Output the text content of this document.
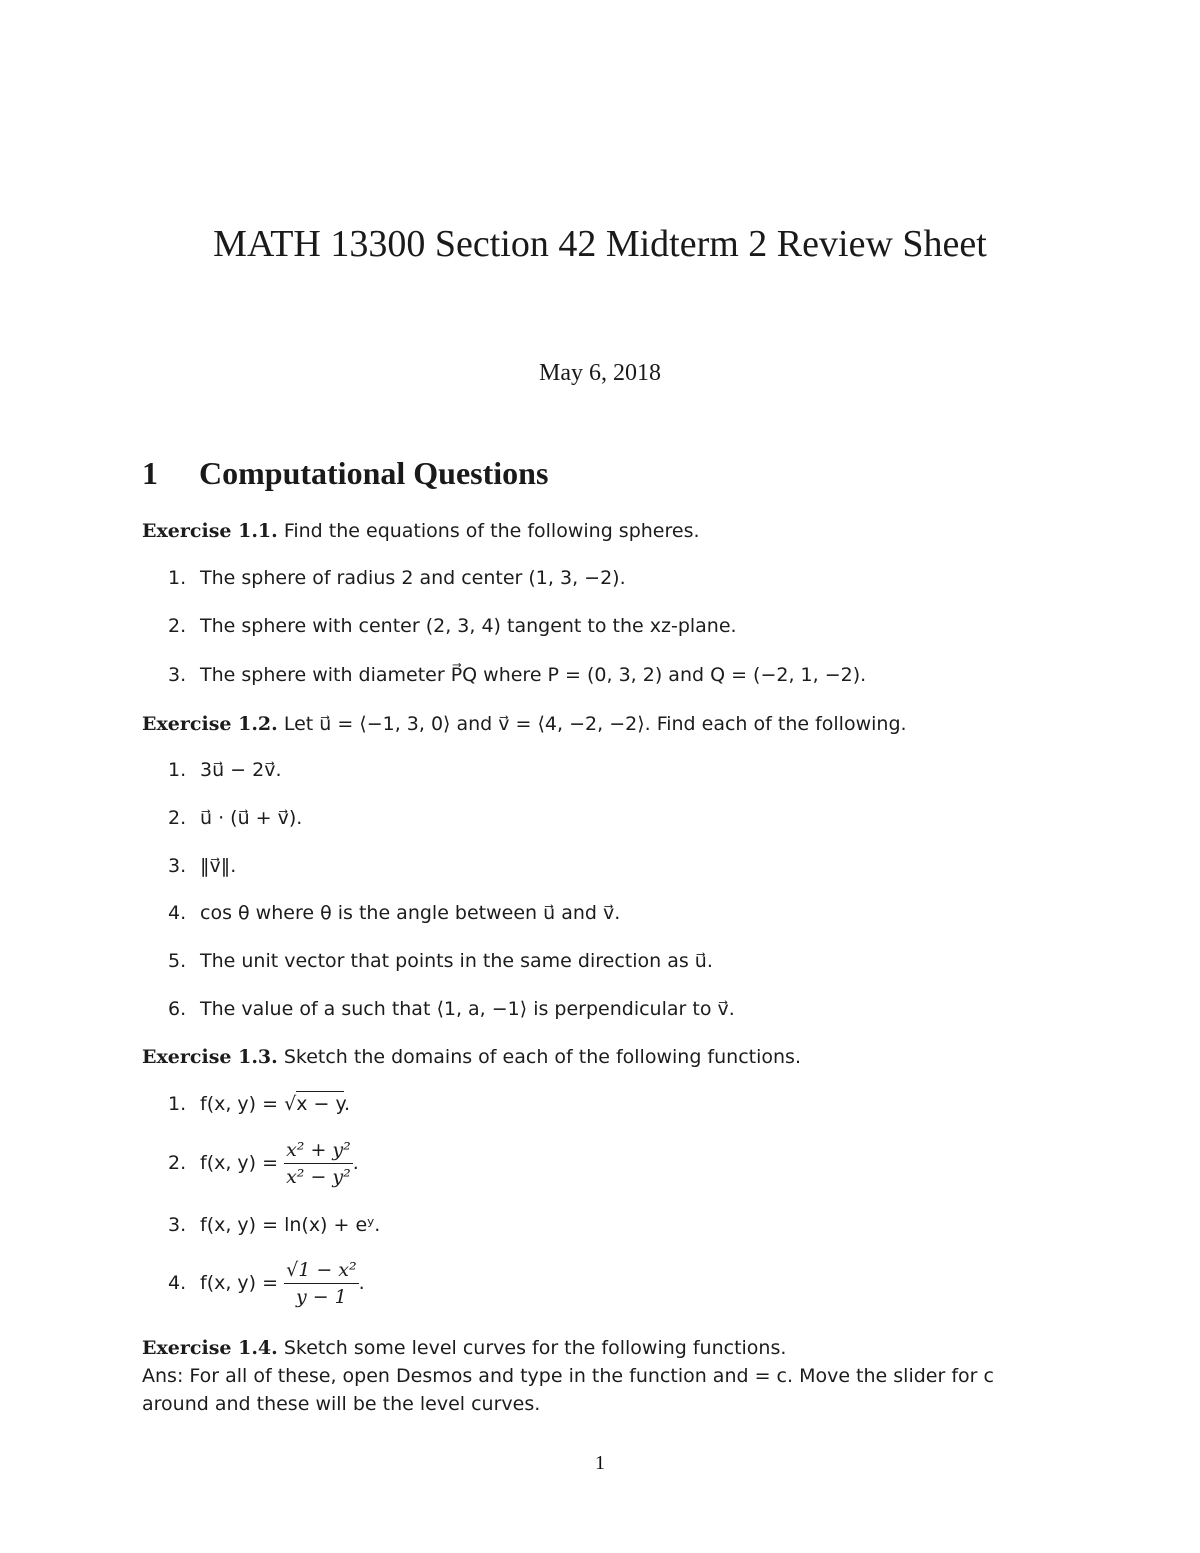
MATH 13300 Section 42 Midterm 2 Review Sheet
May 6, 2018
1 Computational Questions
Exercise 1.1. Find the equations of the following spheres.
1. The sphere of radius 2 and center (1, 3, −2).
2. The sphere with center (2, 3, 4) tangent to the xz-plane.
3. The sphere with diameter P⃗Q where P = (0, 3, 2) and Q = (−2, 1, −2).
Exercise 1.2. Let u⃗ = ⟨−1, 3, 0⟩ and v⃗ = ⟨4, −2, −2⟩. Find each of the following.
1. 3u⃗ − 2v⃗.
2. u⃗ · (u⃗ + v⃗).
3. ‖v⃗‖.
4. cos θ where θ is the angle between u⃗ and v⃗.
5. The unit vector that points in the same direction as u⃗.
6. The value of a such that ⟨1, a, −1⟩ is perpendicular to v⃗.
Exercise 1.3. Sketch the domains of each of the following functions.
1. f(x, y) = √x − y.
2. f(x, $y) = \frac{\text{x² + y²}}{\text{x² − y²}}$ .
3. f(x, y) = ln(x) + eʸ.
4. f(x, $y) = \frac{\text{√1 − x²}}{y - 1}$ .
Exercise 1.4. Sketch some level curves for the following functions.
Ans: For all of these, open Desmos and type in the function and = c. Move the slider for c
around and these will be the level curves.
1
